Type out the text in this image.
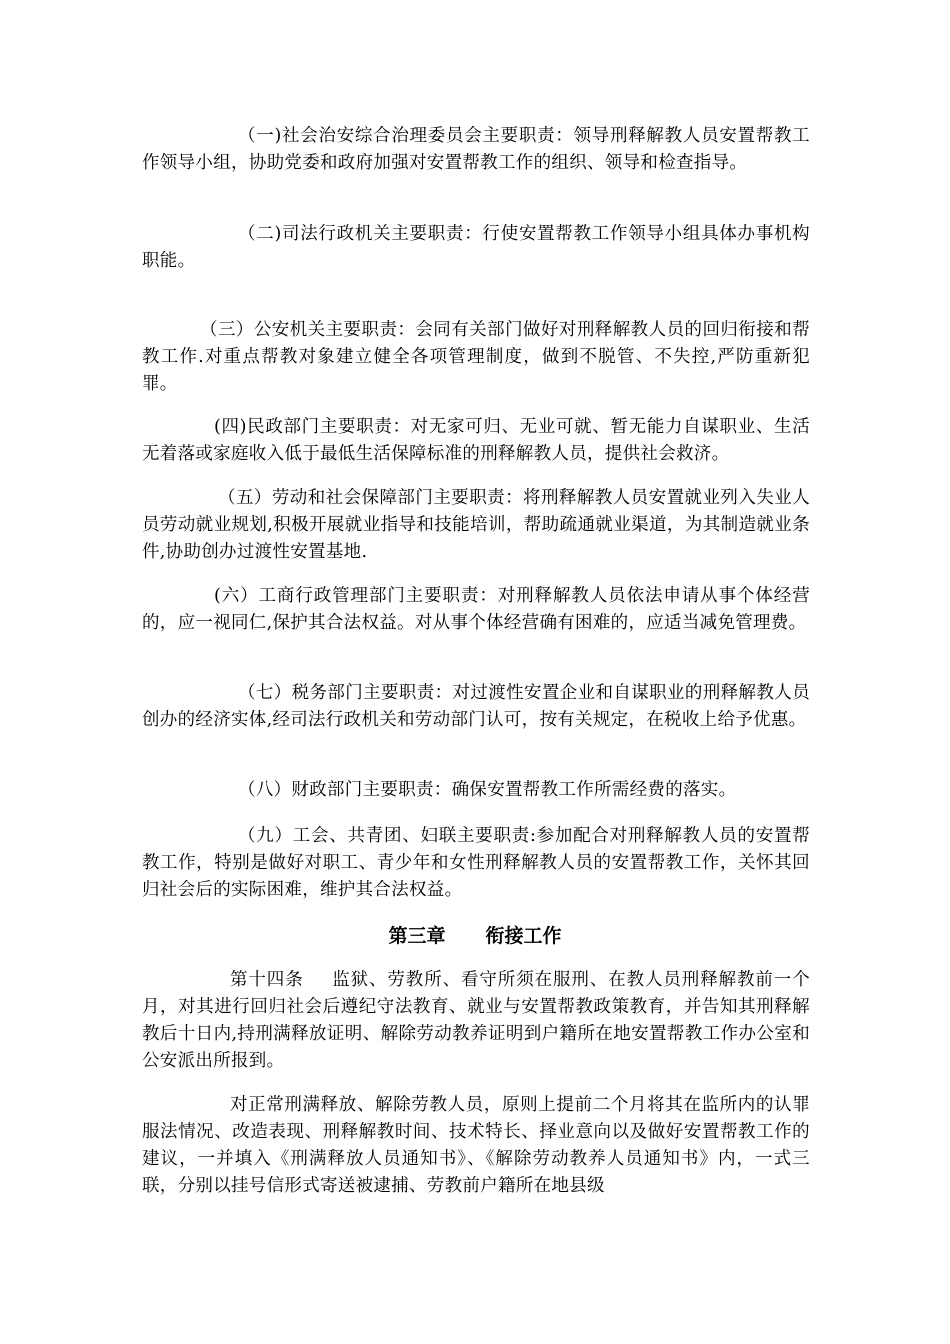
（一)社会治安综合治理委员会主要职责：领导刑释解教人员安置帮教工作领导小组，协助党委和政府加强对安置帮教工作的组织、领导和检查指导。

（二)司法行政机关主要职责：行使安置帮教工作领导小组具体办事机构职能。

（三）公安机关主要职责：会同有关部门做好对刑释解教人员的回归衔接和帮教工作.对重点帮教对象建立健全各项管理制度，做到不脱管、不失控,严防重新犯罪。

(四)民政部门主要职责：对无家可归、无业可就、暂无能力自谋职业、生活无着落或家庭收入低于最低生活保障标准的刑释解教人员，提供社会救济。

（五）劳动和社会保障部门主要职责：将刑释解教人员安置就业列入失业人员劳动就业规划,积极开展就业指导和技能培训，帮助疏通就业渠道，为其制造就业条件,协助创办过渡性安置基地.

(六）工商行政管理部门主要职责：对刑释解教人员依法申请从事个体经营的，应一视同仁,保护其合法权益。对从事个体经营确有困难的，应适当减免管理费。

（七）税务部门主要职责：对过渡性安置企业和自谋职业的刑释解教人员创办的经济实体,经司法行政机关和劳动部门认可，按有关规定，在税收上给予优惠。

（八）财政部门主要职责：确保安置帮教工作所需经费的落实。

（九）工会、共青团、妇联主要职责:参加配合对刑释解教人员的安置帮教工作，特别是做好对职工、青少年和女性刑释解教人员的安置帮教工作，关怀其回归社会后的实际困难，维护其合法权益。

第三章 衔接工作

第十四条 监狱、劳教所、看守所须在服刑、在教人员刑释解教前一个月，对其进行回归社会后遵纪守法教育、就业与安置帮教政策教育，并告知其刑释解教后十日内,持刑满释放证明、解除劳动教养证明到户籍所在地安置帮教工作办公室和公安派出所报到。

对正常刑满释放、解除劳教人员，原则上提前二个月将其在监所内的认罪服法情况、改造表现、刑释解教时间、技术特长、择业意向以及做好安置帮教工作的建议，一并填入《刑满释放人员通知书》、《解除劳动教养人员通知书》内，一式三联，分别以挂号信形式寄送被逮捕、劳教前户籍所在地县级
